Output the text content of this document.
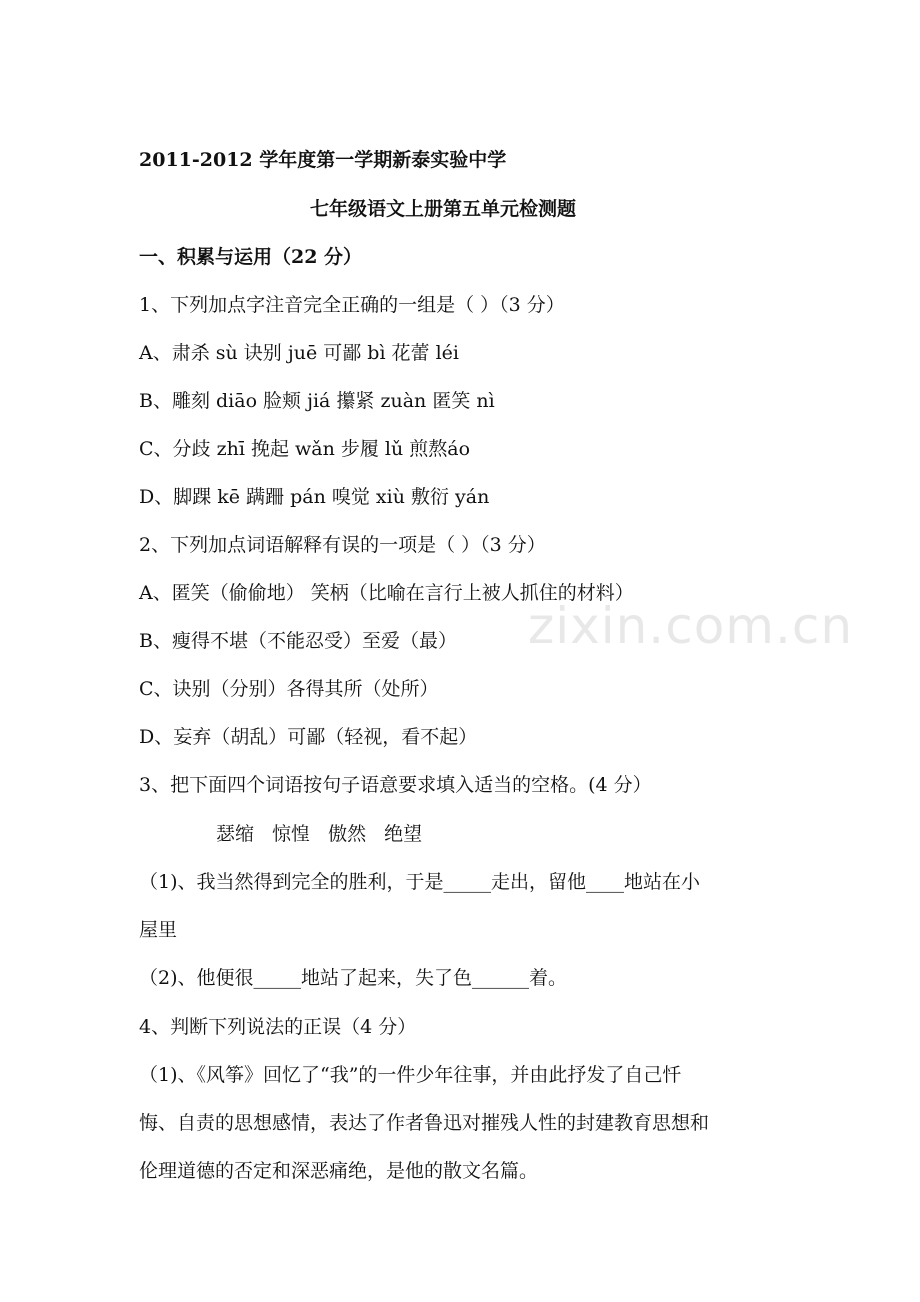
2011-2012 学年度第一学期新泰实验中学
七年级语文上册第五单元检测题
一、积累与运用（22 分）
1、下列加点字注音完全正确的一组是（ ）（3 分）
A、肃杀 sù 诀别 juē 可鄙 bì 花蕾 léi
B、雕刻 diāo 脸颊 jiá 攥紧 zuàn 匿笑 nì
C、分歧 zhī 挽起 wǎn 步履 lǔ 煎熬áo
D、脚踝 kē 蹒跚 pán 嗅觉 xiù 敷衍 yán
2、下列加点词语解释有误的一项是（ ）（3 分）
A、匿笑（偷偷地） 笑柄（比喻在言行上被人抓住的材料）
B、瘦得不堪（不能忍受）至爱（最）
C、诀别（分别）各得其所（处所）
D、妄弃（胡乱）可鄙（轻视，看不起）
3、把下面四个词语按句子语意要求填入适当的空格。(4 分）
瑟缩 惊惶 傲然 绝望
（1)、我当然得到完全的胜利，于是_____走出，留他____地站在小
屋里
（2)、他便很_____地站了起来，失了色______着。
4、判断下列说法的正误（4 分）
（1)、《风筝》回忆了“我”的一件少年往事，并由此抒发了自己忏
悔、自责的思想感情，表达了作者鲁迅对摧残人性的封建教育思想和
伦理道德的否定和深恶痛绝，是他的散文名篇。
zixin.com.cn
